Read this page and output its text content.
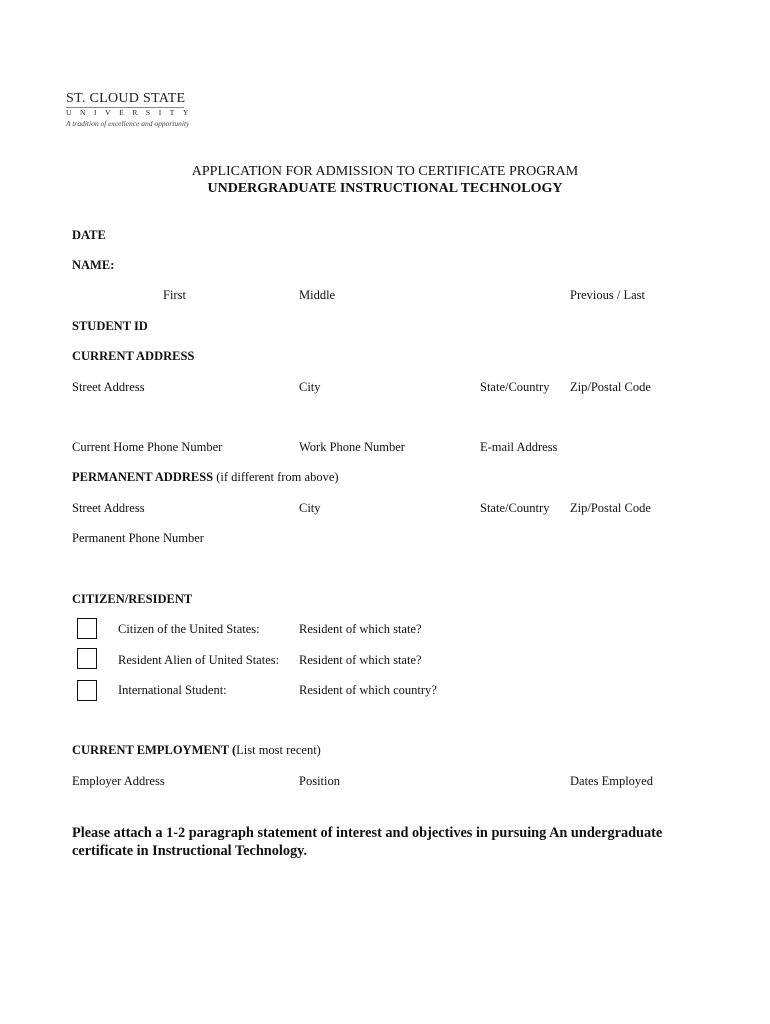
ST. CLOUD STATE
UNIVERSITY
A tradition of excellence and opportunity
APPLICATION FOR ADMISSION TO CERTIFICATE PROGRAM
UNDERGRADUATE INSTRUCTIONAL TECHNOLOGY
DATE
NAME:
First	Middle	Previous / Last
STUDENT ID
CURRENT ADDRESS
Street Address	City	State/Country Zip/Postal Code
Current Home Phone Number	Work Phone Number	E-mail Address
PERMANENT ADDRESS (if different from above)
Street Address	City	State/Country Zip/Postal Code
Permanent Phone Number
CITIZEN/RESIDENT
Citizen of the United States:	Resident of which state?
Resident Alien of United States: Resident of which state?
International Student:	Resident of which country?
CURRENT EMPLOYMENT (List most recent)
Employer Address	Position	Dates Employed
Please attach a 1-2 paragraph statement of interest and objectives in pursuing An undergraduate certificate in Instructional Technology.
